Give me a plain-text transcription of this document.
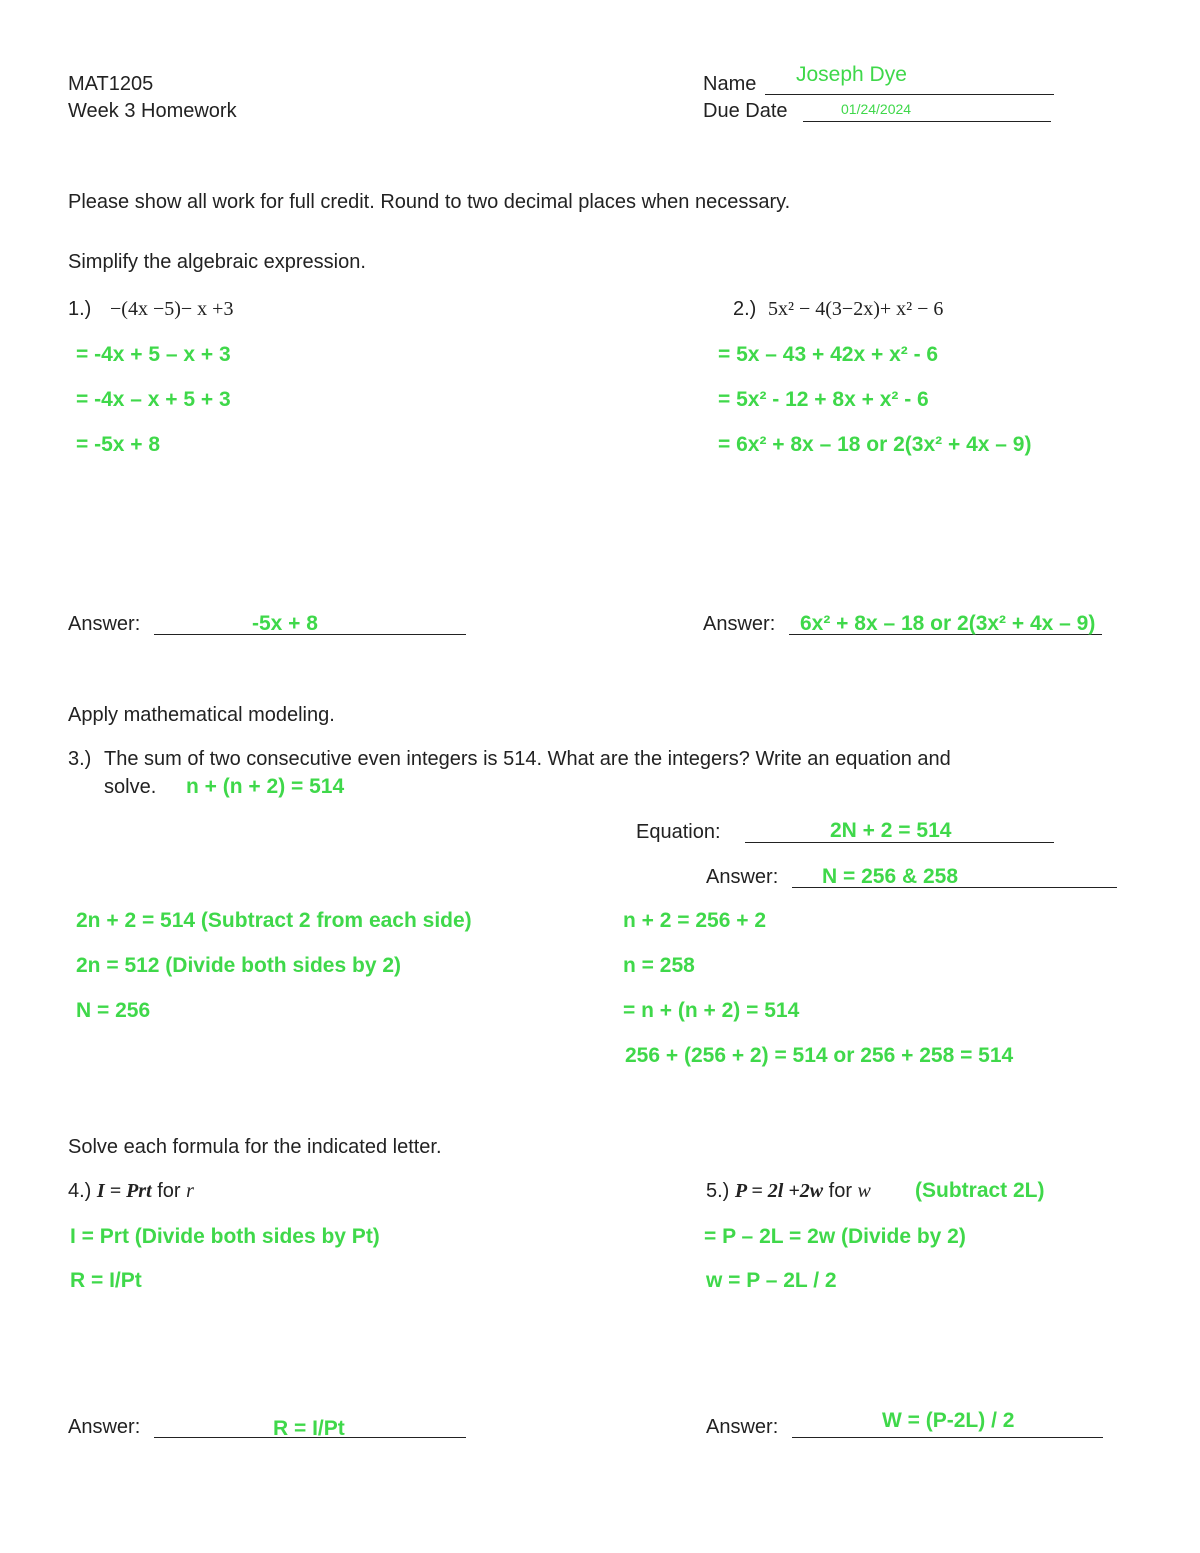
MAT1205
Week 3 Homework
Name Joseph Dye
Due Date	01/24/2024
Please show all work for full credit. Round to two decimal places when necessary.
Simplify the algebraic expression.
1.) −(4x −5)− x +3
= -4x + 5 – x + 3
= -4x – x + 5 + 3
= -5x + 8
2.) 5x² − 4(3−2x)+ x² − 6
= 5x – 43 + 42x + x² - 6
= 5x² - 12 + 8x + x² - 6
= 6x² + 8x – 18 or 2(3x² + 4x – 9)
Answer:	-5x + 8	Answer: 6x² + 8x – 18 or 2(3x² + 4x – 9)
Apply mathematical modeling.
3.) The sum of two consecutive even integers is 514. What are the integers? Write an equation and
solve. n + (n + 2) = 514
Equation:	2N + 2 = 514
Answer: N = 256 & 258
2n + 2 = 514 (Subtract 2 from each side)
2n = 512 (Divide both sides by 2)
N = 256
n + 2 = 256 + 2
n = 258
= n + (n + 2) = 514
256 + (256 + 2) = 514 or 256 + 258 = 514
Solve each formula for the indicated letter.
4.) I = Prt for r
I = Prt (Divide both sides by Pt)
R = I/Pt
5.) P = 2l +2w for w (Subtract 2L)
= P – 2L = 2w (Divide by 2)
w = P – 2L / 2
Answer:	R = I/Pt	Answer:	W = (P-2L) / 2
